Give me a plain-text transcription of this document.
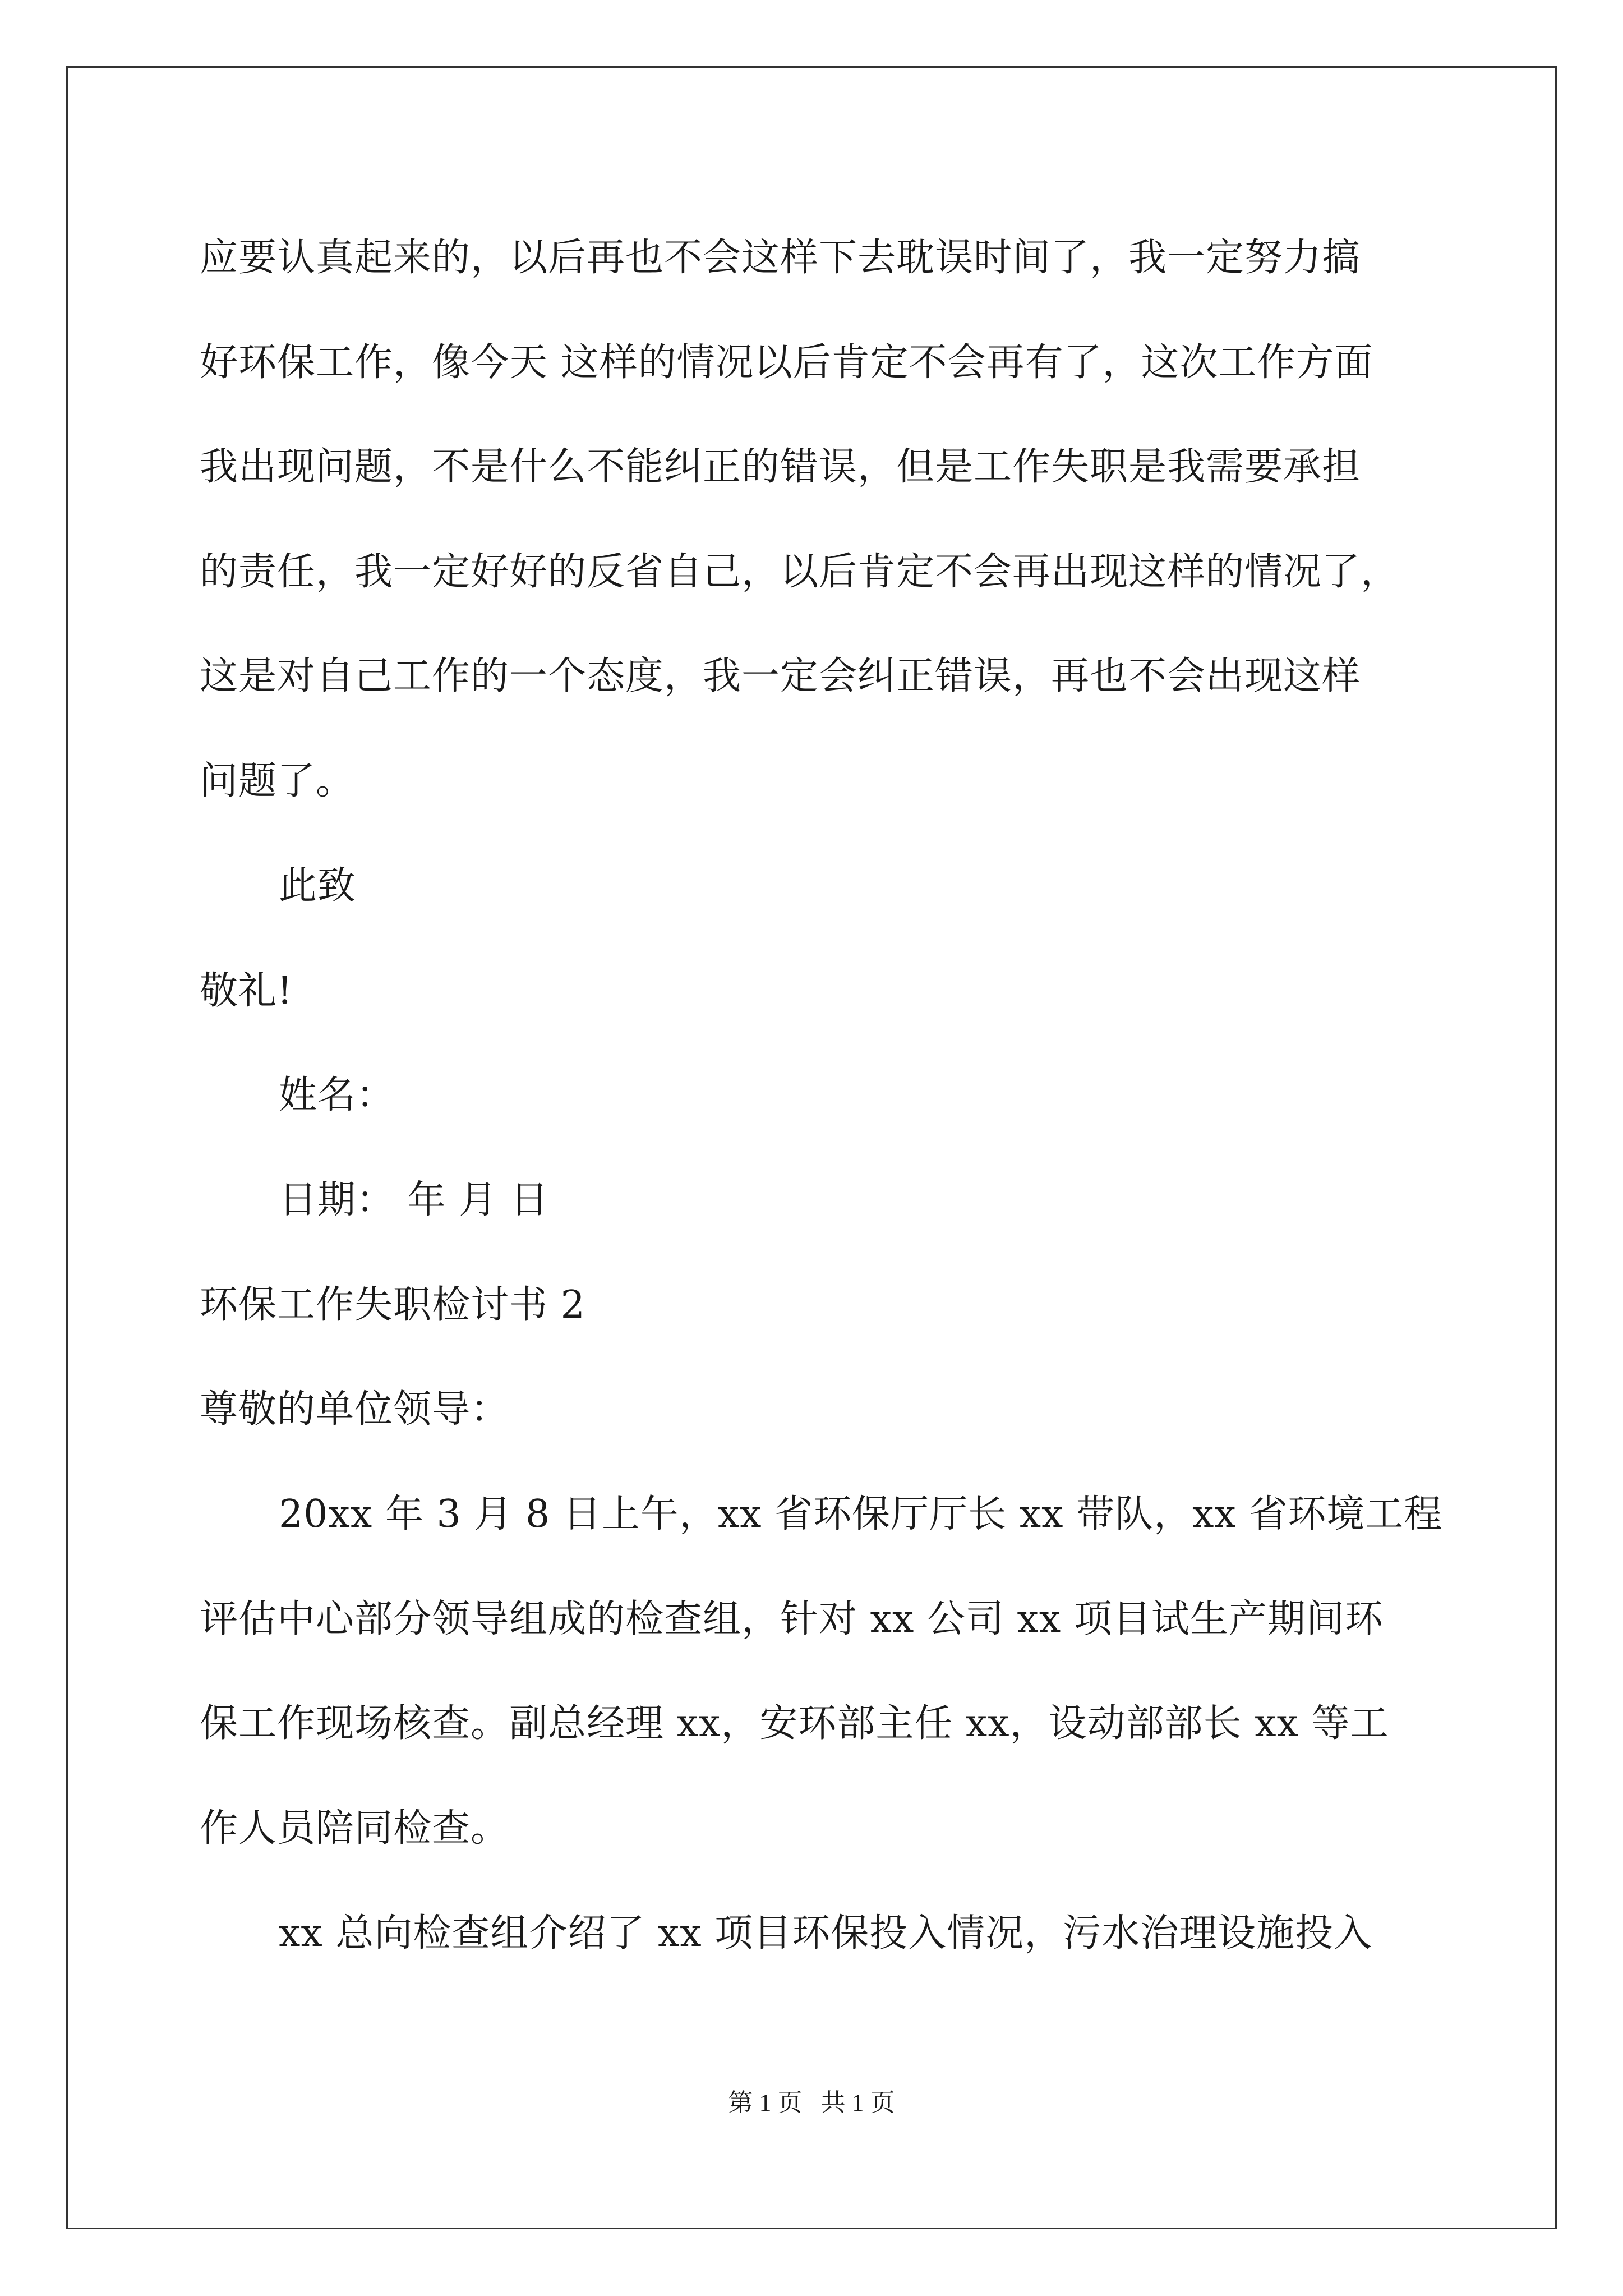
应要认真起来的，以后再也不会这样下去耽误时间了，我一定努力搞
好环保工作，像今天 这样的情况以后肯定不会再有了，这次工作方面
我出现问题，不是什么不能纠正的错误，但是工作失职是我需要承担
的责任，我一定好好的反省自己，以后肯定不会再出现这样的情况了，
这是对自己工作的一个态度，我一定会纠正错误，再也不会出现这样
问题了。
此致
敬礼!
姓名：
日期： 年 月 日
环保工作失职检讨书 2
尊敬的单位领导：
20xx 年 3 月 8 日上午，xx 省环保厅厅长 xx 带队，xx 省环境工程
评估中心部分领导组成的检查组，针对 xx 公司 xx 项目试生产期间环
保工作现场核查。副总经理 xx，安环部主任 xx，设动部部长 xx 等工
作人员陪同检查。
xx 总向检查组介绍了 xx 项目环保投入情况，污水治理设施投入
第 1 页   共 1 页
